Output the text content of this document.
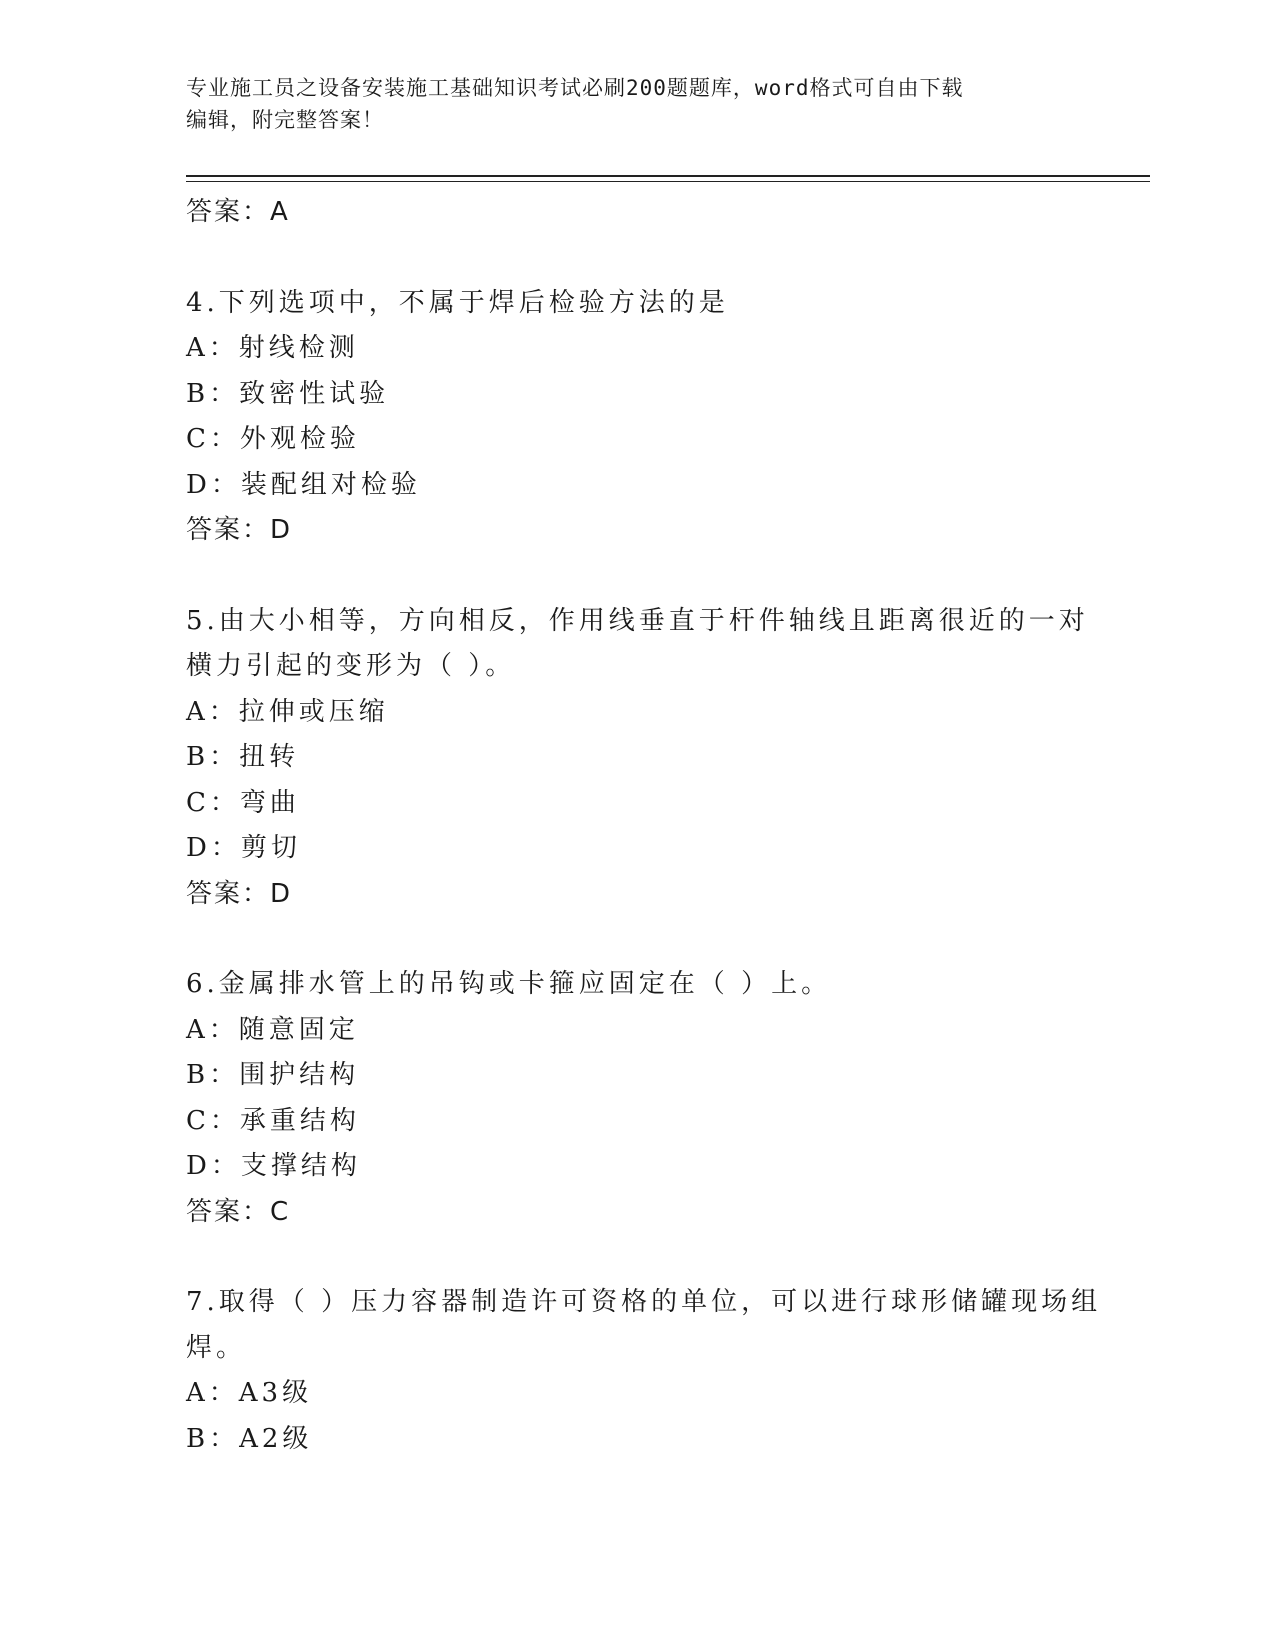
专业施工员之设备安装施工基础知识考试必刷200题题库，word格式可自由下载
编辑，附完整答案！
答案：A
4.下列选项中，不属于焊后检验方法的是
A：射线检测
B：致密性试验
C：外观检验
D：装配组对检验
答案：D
5.由大小相等，方向相反，作用线垂直于杆件轴线且距离很近的一对
横力引起的变形为（ ）。
A：拉伸或压缩
B：扭转
C：弯曲
D：剪切
答案：D
6.金属排水管上的吊钩或卡箍应固定在（ ）上。
A：随意固定
B：围护结构
C：承重结构
D：支撑结构
答案：C
7.取得（ ）压力容器制造许可资格的单位，可以进行球形储罐现场组
焊。
A：A3级
B：A2级
